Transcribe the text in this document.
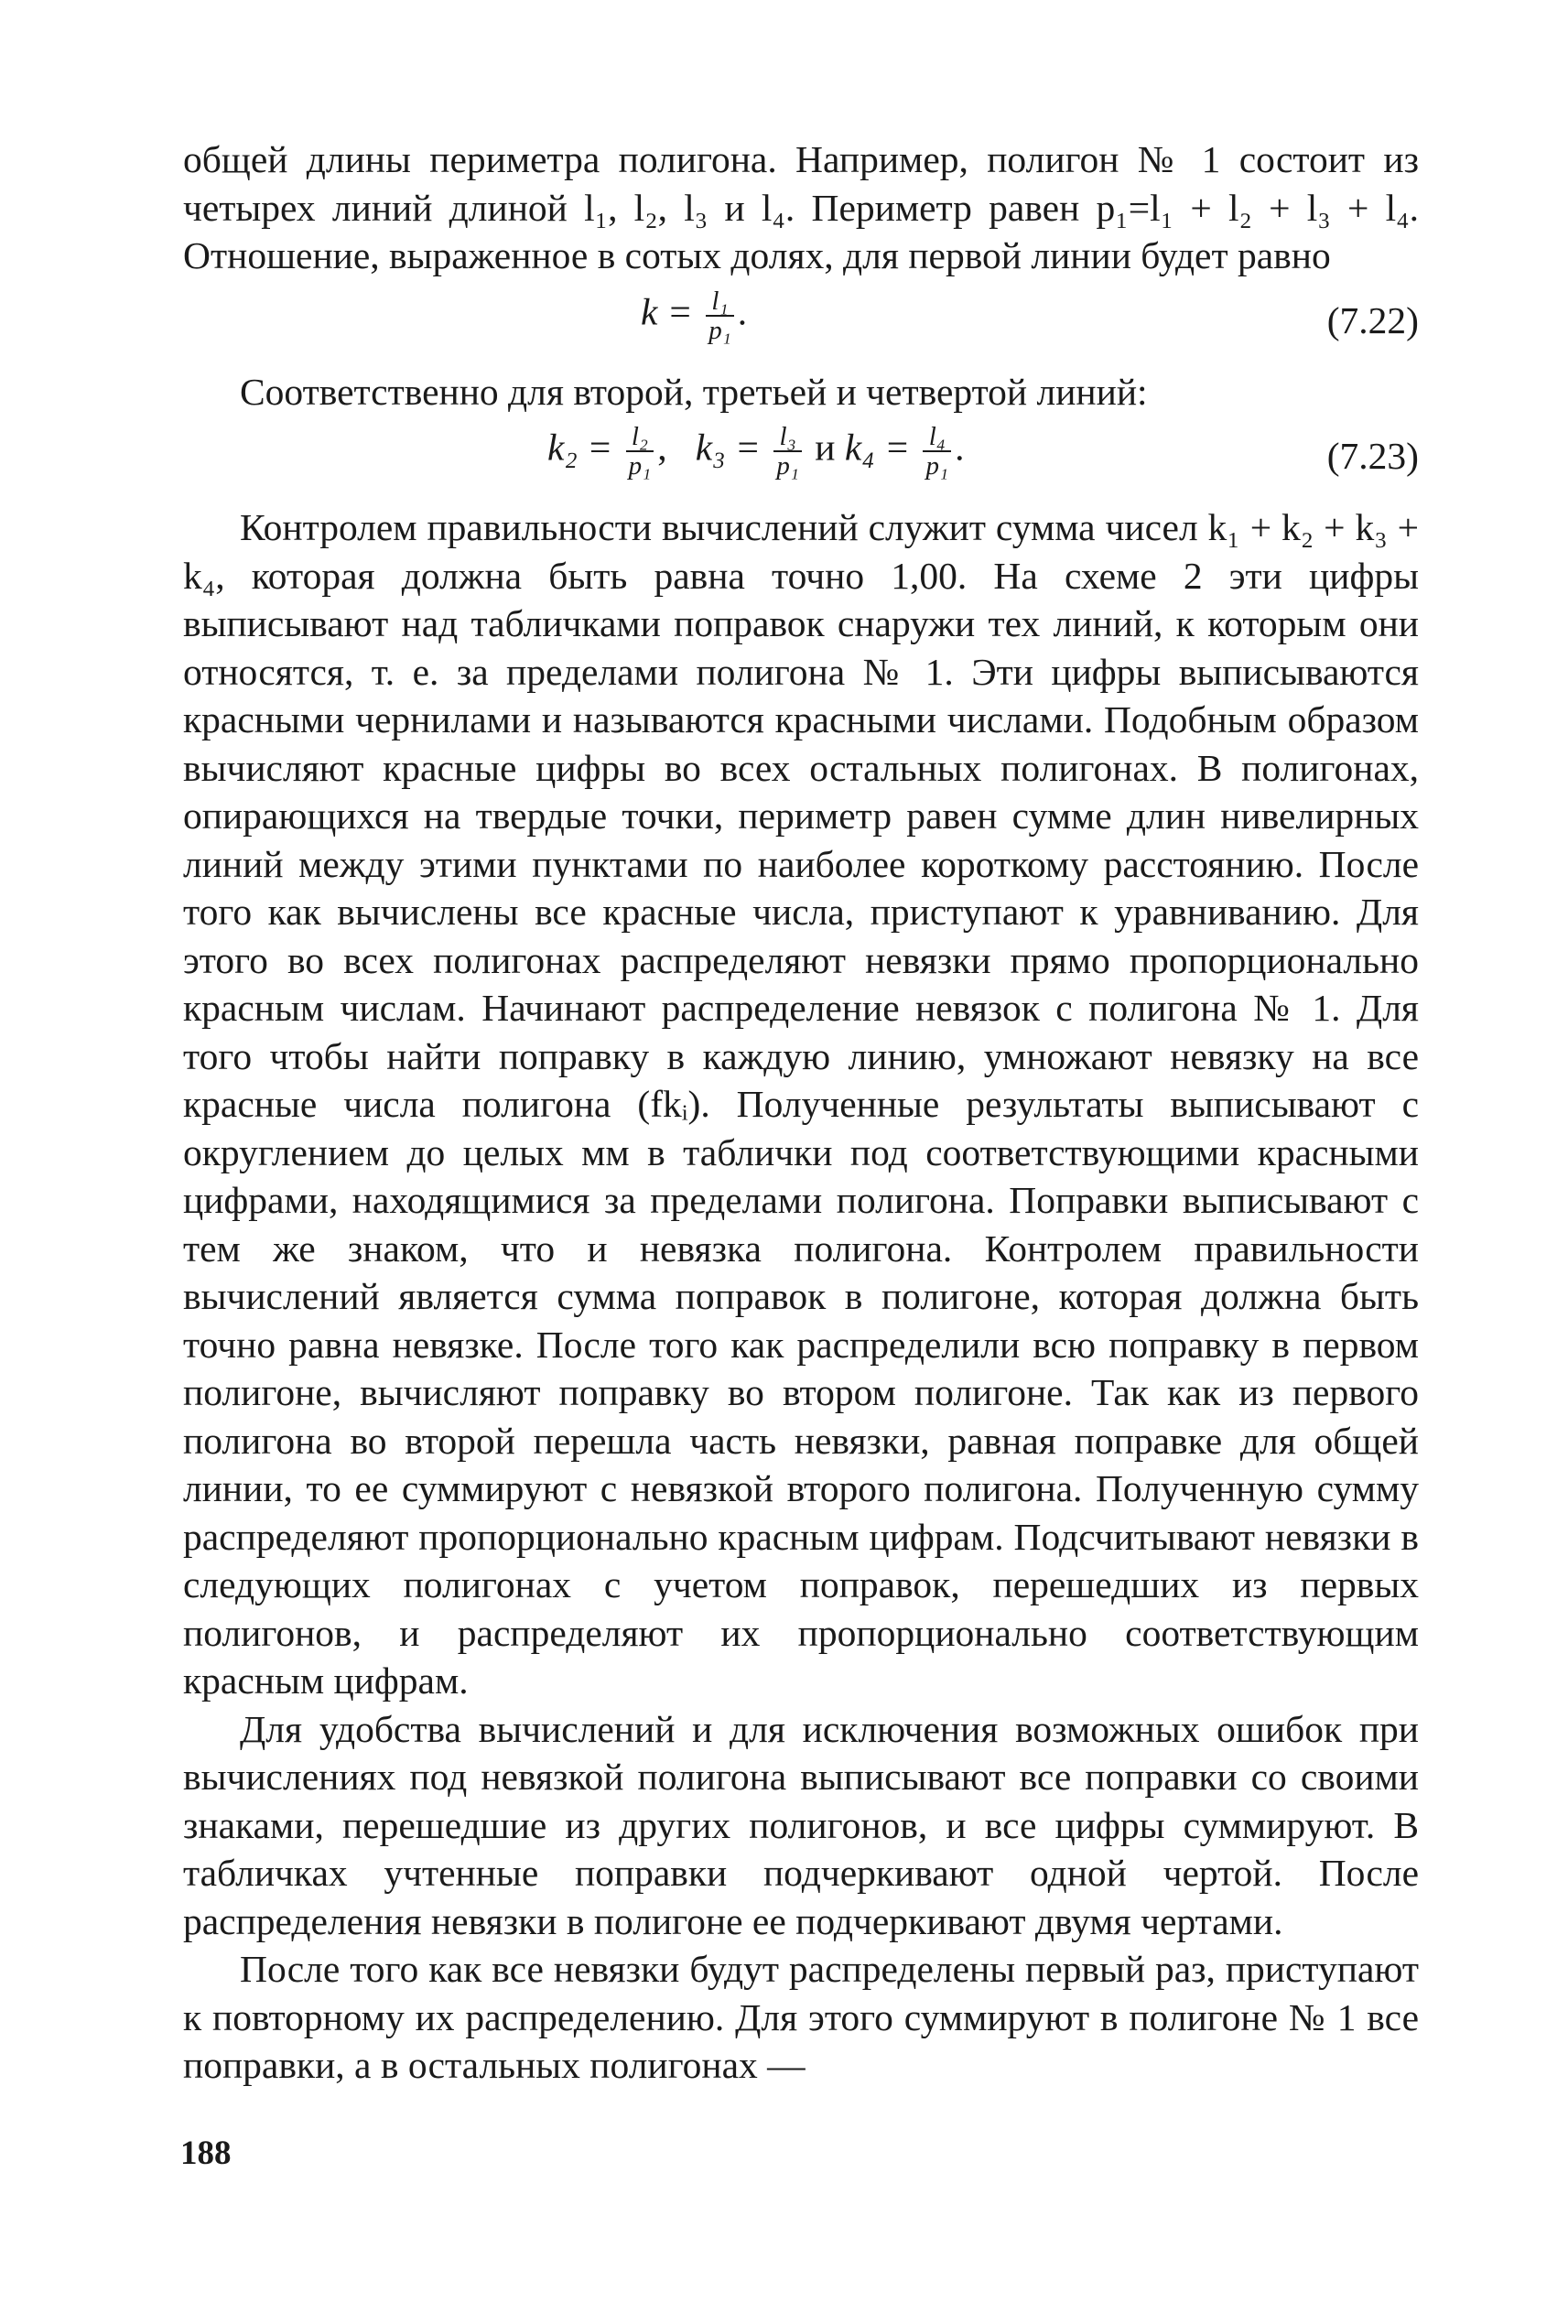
общей длины периметра полигона. Например, полигон № 1 состоит из четырех линий длиной l₁, l₂, l₃ и l₄. Периметр равен p₁=l₁ + l₂ + l₃ + l₄. Отношение, выраженное в сотых долях, для первой линии будет равно

$k = \frac{\text{l₁}}{\text{p₁}}$ .	(7.22)

Соответственно для второй, третьей и четвертой линий:

$k_2 = \frac{\text{l₂}}{\text{p₁}}$ , $k_3 = \frac{\text{l₃}}{\text{p₁}}$ и $k_4 = \frac{\text{l₄}}{\text{p₁}}$ .	(7.23)

Контролем правильности вычислений служит сумма чисел k₁ + k₂ + k₃ + k₄, которая должна быть равна точно 1,00. На схеме 2 эти цифры выписывают над табличками поправок снаружи тех линий, к которым они относятся, т. е. за пределами полигона № 1. Эти цифры выписываются красными чернилами и называются красными числами. Подобным образом вычисляют красные цифры во всех остальных полигонах. В полигонах, опирающихся на твердые точки, периметр равен сумме длин нивелирных линий между этими пунктами по наиболее короткому расстоянию. После того как вычислены все красные числа, приступают к уравниванию. Для этого во всех полигонах распределяют невязки прямо пропорционально красным числам. Начинают распределение невязок с полигона № 1. Для того чтобы найти поправку в каждую линию, умножают невязку на все красные числа полигона (fkᵢ). Полученные результаты выписывают с округлением до целых мм в таблички под соответствующими красными цифрами, находящимися за пределами полигона. Поправки выписывают с тем же знаком, что и невязка полигона. Контролем правильности вычислений является сумма поправок в полигоне, которая должна быть точно равна невязке. После того как распределили всю поправку в первом полигоне, вычисляют поправку во втором полигоне. Так как из первого полигона во второй перешла часть невязки, равная поправке для общей линии, то ее суммируют с невязкой второго полигона. Полученную сумму распределяют пропорционально красным цифрам. Подсчитывают невязки в следующих полигонах с учетом поправок, перешедших из первых полигонов, и распределяют их пропорционально соответствующим красным цифрам.

Для удобства вычислений и для исключения возможных ошибок при вычислениях под невязкой полигона выписывают все поправки со своими знаками, перешедшие из других полигонов, и все цифры суммируют. В табличках учтенные поправки подчеркивают одной чертой. После распределения невязки в полигоне ее подчеркивают двумя чертами.

После того как все невязки будут распределены первый раз, приступают к повторному их распределению. Для этого суммируют в полигоне № 1 все поправки, а в остальных полигонах —

188
